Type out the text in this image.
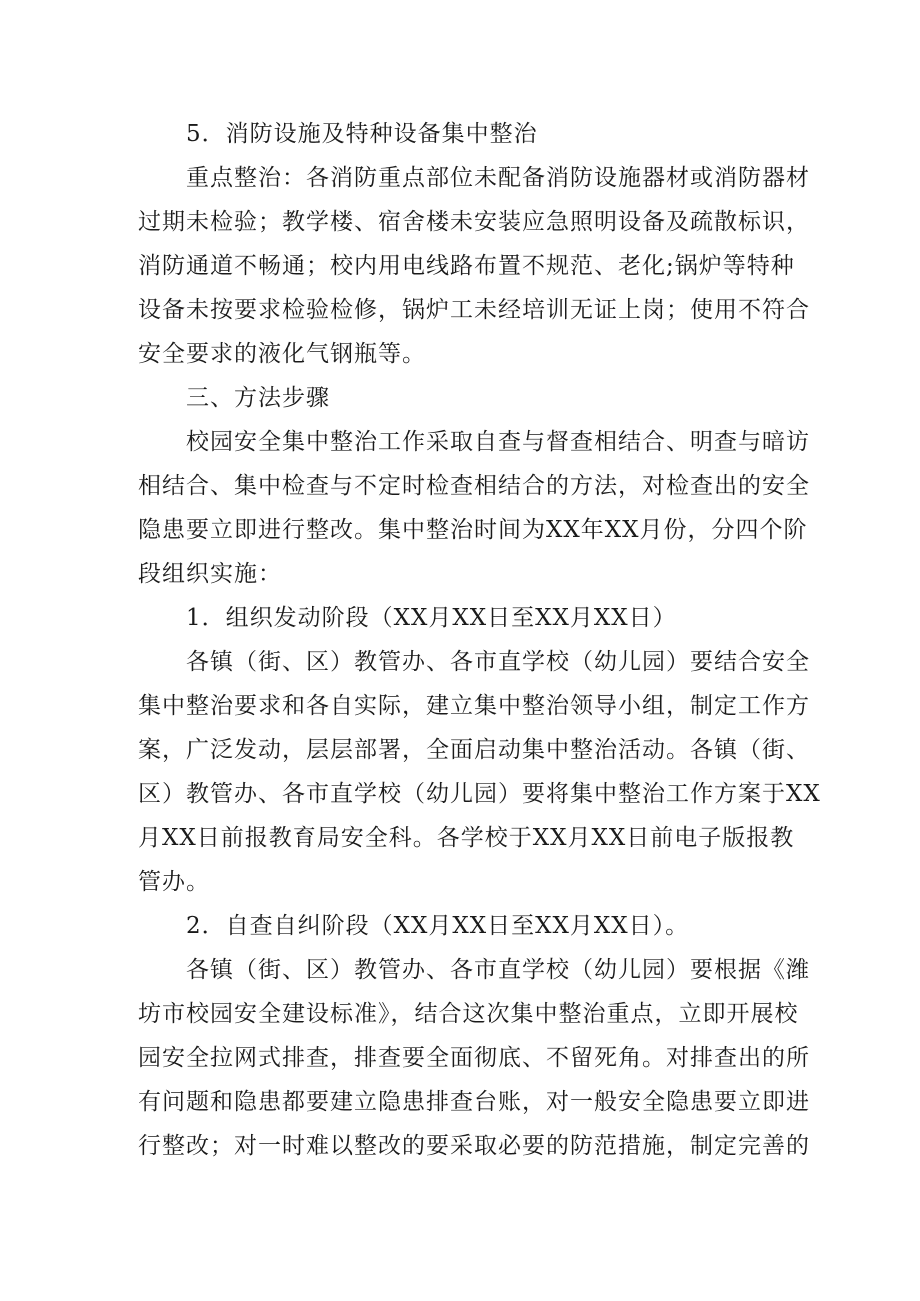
5．消防设施及特种设备集中整治

重点整治：各消防重点部位未配备消防设施器材或消防器材
过期未检验；教学楼、宿舍楼未安装应急照明设备及疏散标识，
消防通道不畅通；校内用电线路布置不规范、老化;锅炉等特种
设备未按要求检验检修，锅炉工未经培训无证上岗；使用不符合
安全要求的液化气钢瓶等。

三、方法步骤

校园安全集中整治工作采取自查与督查相结合、明查与暗访
相结合、集中检查与不定时检查相结合的方法，对检查出的安全
隐患要立即进行整改。集中整治时间为XX年XX月份，分四个阶
段组织实施：

1．组织发动阶段（XX月XX日至XX月XX日）

各镇（街、区）教管办、各市直学校（幼儿园）要结合安全
集中整治要求和各自实际，建立集中整治领导小组，制定工作方
案，广泛发动，层层部署，全面启动集中整治活动。各镇（街、
区）教管办、各市直学校（幼儿园）要将集中整治工作方案于XX
月XX日前报教育局安全科。各学校于XX月XX日前电子版报教
管办。

2．自查自纠阶段（XX月XX日至XX月XX日）。

各镇（街、区）教管办、各市直学校（幼儿园）要根据《潍
坊市校园安全建设标准》，结合这次集中整治重点，立即开展校
园安全拉网式排查，排查要全面彻底、不留死角。对排查出的所
有问题和隐患都要建立隐患排查台账，对一般安全隐患要立即进
行整改；对一时难以整改的要采取必要的防范措施，制定完善的
